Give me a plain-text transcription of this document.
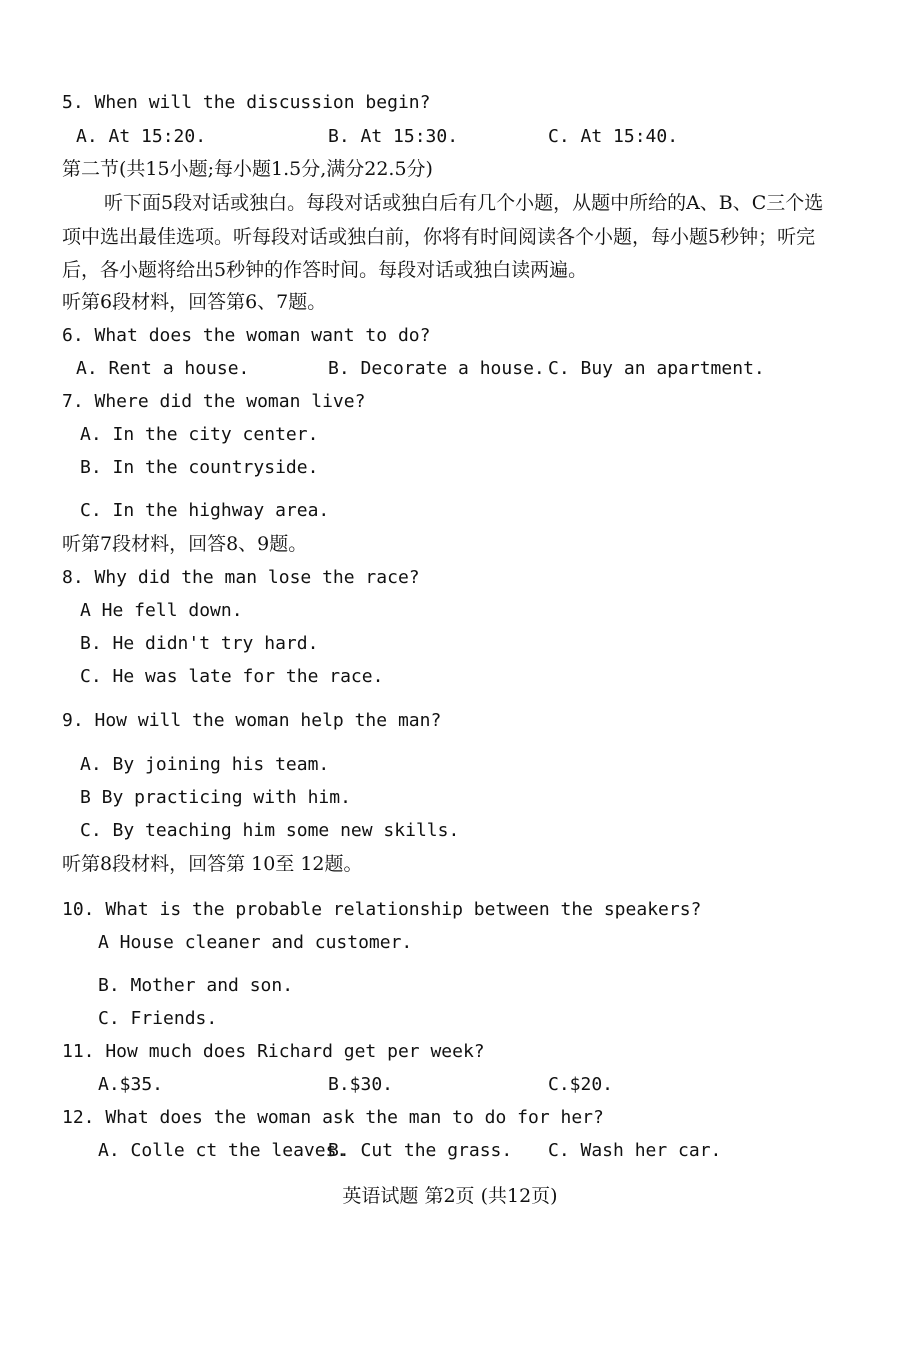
5. When will the discussion begin?
A. At 15:20.	B. At 15:30.	C. At 15:40.
第二节(共15小题;每小题1.5分,满分22.5分)
听下面5段对话或独白。每段对话或独白后有几个小题，从题中所给的A、B、C三个选
项中选出最佳选项。听每段对话或独白前，你将有时间阅读各个小题，每小题5秒钟；听完
后，各小题将给出5秒钟的作答时间。每段对话或独白读两遍。
听第6段材料，回答第6、7题。
6. What does the woman want to do?
A. Rent a house.	B. Decorate a house. C. Buy an apartment.
7. Where did the woman live?
A. In the city center.
B. In the countryside.
C. In the highway area.
听第7段材料，回答8、9题。
8. Why did the man lose the race?
A He fell down.
B. He didn't try hard.
C. He was late for the race.
9. How will the woman help the man?
A. By joining his team.
B By practicing with him.
C. By teaching him some new skills.
听第8段材料，回答第 10至 12题。
10. What is the probable relationship between the speakers?
A House cleaner and customer.
B. Mother and son.
C. Friends.
11. How much does Richard get per week?
A.$35.	B.$30.	C.$20.
12. What does the woman ask the man to do for her?
A. Colle ct the leaves.
B. Cut the grass. C. Wash her car.
英语试题 第2页 (共12页)
